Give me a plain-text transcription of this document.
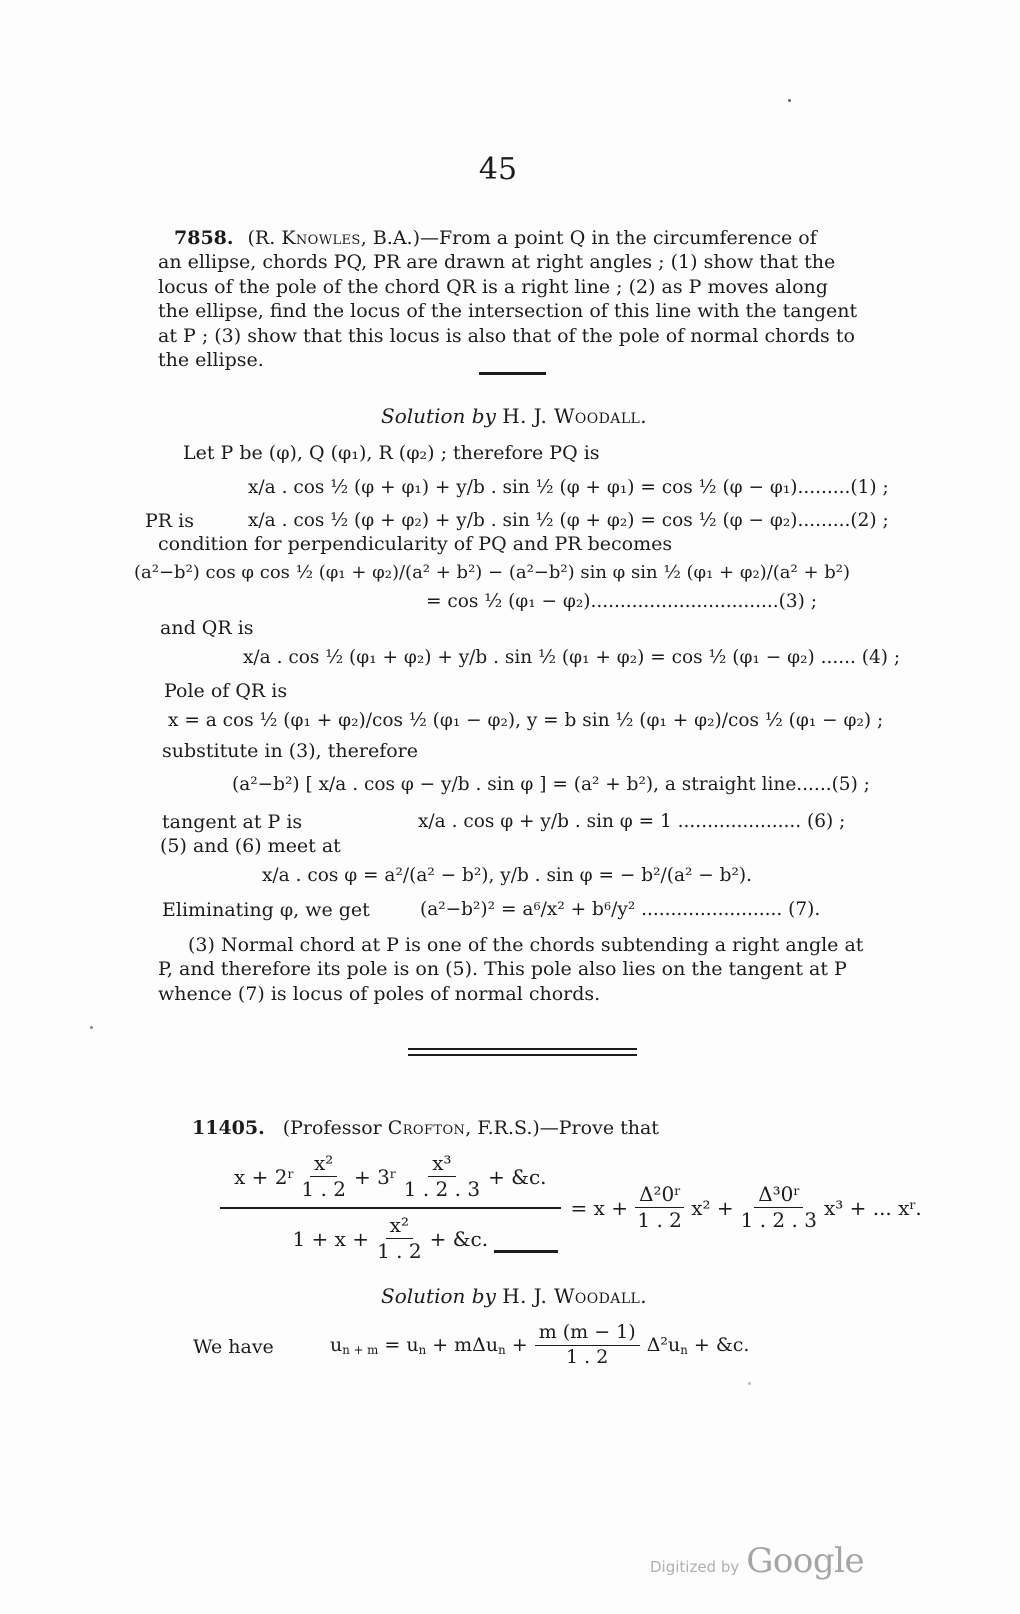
45
7858. (R. Knowles, B.A.)—From a point Q in the circumference of
an ellipse, chords PQ, PR are drawn at right angles ; (1) show that the
locus of the pole of the chord QR is a right line ; (2) as P moves along
the ellipse, find the locus of the intersection of this line with the tangent
at P ; (3) show that this locus is also that of the pole of normal chords to
the ellipse.
Solution by H. J. Woodall.
Let P be (φ), Q (φ₁), R (φ₂) ; therefore PQ is
x/a . cos ½ (φ + φ₁) + y/b . sin ½ (φ + φ₁) = cos ½ (φ − φ₁).........(1) ;
PR is	x/a . cos ½ (φ + φ₂) + y/b . sin ½ (φ + φ₂) = cos ½ (φ − φ₂).........(2) ;
condition for perpendicularity of PQ and PR becomes
(a²−b²) cos φ cos ½ (φ₁ + φ₂)/(a² + b²) − (a²−b²) sin φ sin ½ (φ₁ + φ₂)/(a² + b²)
= cos ½ (φ₁ − φ₂)................................(3) ;
and QR is
x/a . cos ½ (φ₁ + φ₂) + y/b . sin ½ (φ₁ + φ₂) = cos ½ (φ₁ − φ₂) ...... (4) ;
Pole of QR is
x = a cos ½ (φ₁ + φ₂)/cos ½ (φ₁ − φ₂), y = b sin ½ (φ₁ + φ₂)/cos ½ (φ₁ − φ₂) ;
substitute in (3), therefore
(a²−b²) [ x/a . cos φ − y/b . sin φ ] = (a² + b²), a straight line......(5) ;
tangent at P is	x/a . cos φ + y/b . sin φ = 1 ..................... (6) ;
(5) and (6) meet at
x/a . cos φ = a²/(a² − b²), y/b . sin φ = − b²/(a² − b²).
Eliminating φ, we get	$(a^2-b^2)^2 = a^6/x^2 + b^6/y^2$ ........................ (7).
(3) Normal chord at P is one of the chords subtending a right angle at
P, and therefore its pole is on (5). This pole also lies on the tangent at P
whence (7) is locus of poles of normal chords.
11405. (Professor Crofton, F.R.S.)—Prove that
$\frac{x + 2^r \frac{\text{x²}}{1 . 2} + 3^r \frac{\text{x³}}{1 . 2 . 3} + \&c.}{1 + x + \frac{\text{x²}}{1 . 2} + \&c.} = x + \frac{\Delta^20^r}{1 . 2} x^2 + \frac{\Delta^30^r}{1 . 2 . 3} x^3$ + ... $x^r$.
Solution by H. J. Woodall.
We have	un + m = un + $m\Delta un + \frac{m (m - 1)}{1 . 2} \Delta^2un$ + &c.
Digitized by Google
